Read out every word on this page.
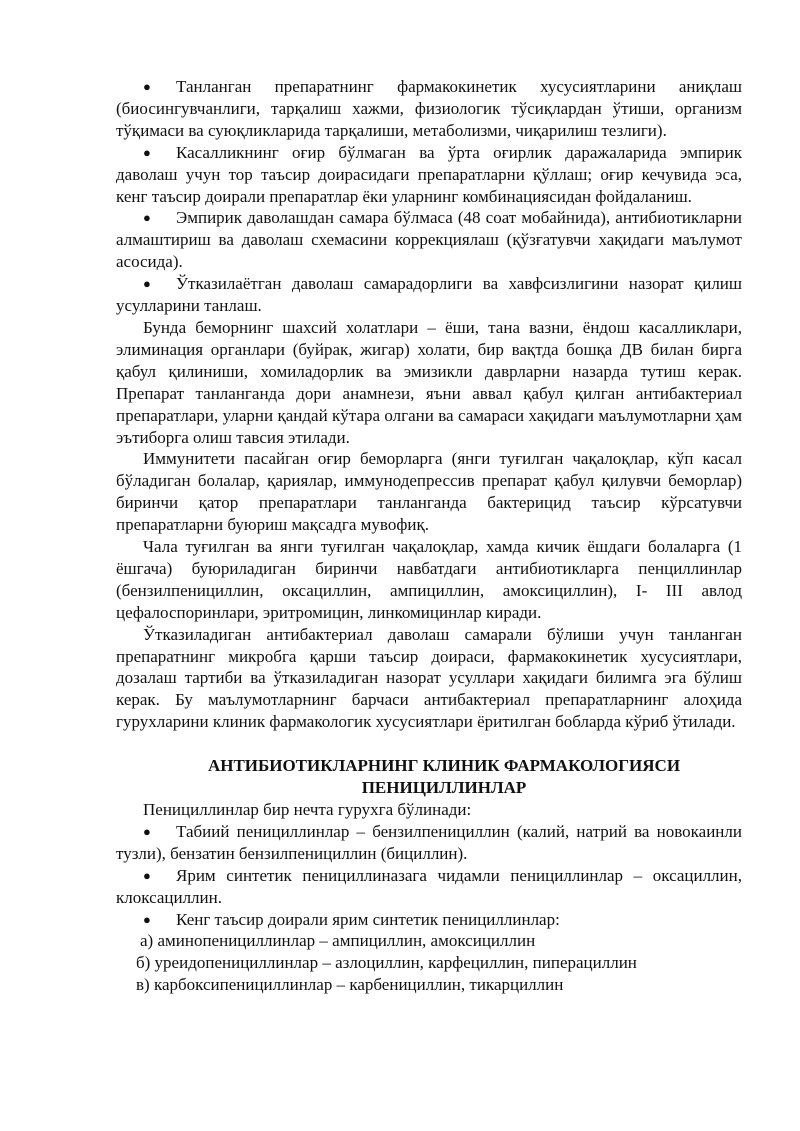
● Танланган препаратнинг фармакокинетик хусусиятларини аниқлаш (биосингувчанлиги, тарқалиш хажми, физиологик тўсиқлардан ўтиши, организм тўқимаси ва суюқликларида тарқалиши, метаболизми, чиқарилиш тезлиги).

● Касалликнинг оғир бўлмаган ва ўрта оғирлик даражаларида эмпирик даволаш учун тор таъсир доирасидаги препаратларни қўллаш; оғир кечувида эса, кенг таъсир доирали препаратлар ёки уларнинг комбинациясидан фойдаланиш.

● Эмпирик даволашдан самара бўлмаса (48 соат мобайнида), антибиотикларни алмаштириш ва даволаш схемасини коррекциялаш (қўзғатувчи хақидаги маълумот асосида).

● Ўтказилаётган даволаш самарадорлиги ва хавфсизлигини назорат қилиш усулларини танлаш.

Бунда беморнинг шахсий холатлари – ёши, тана вазни, ёндош касалликлари, элиминация органлари (буйрак, жигар) холати, бир вақтда бошқа ДВ билан бирга қабул қилиниши, хомиладорлик ва эмизикли даврларни назарда тутиш керак. Препарат танланганда дори анамнези, яъни аввал қабул қилган антибактериал препаратлари, уларни қандай кўтара олгани ва самараси хақидаги маълумотларни ҳам эътиборга олиш тавсия этилади.

Иммунитети пасайган оғир беморларга (янги туғилган чақалоқлар, кўп касал бўладиган болалар, қариялар, иммунодепрессив препарат қабул қилувчи беморлар) биринчи қатор препаратлари танланганда бактерицид таъсир кўрсатувчи препаратларни буюриш мақсадга мувофиқ.

Чала туғилган ва янги туғилган чақалоқлар, хамда кичик ёшдаги болаларга (1 ёшгача) буюриладиган биринчи навбатдаги антибиотикларга пенциллинлар (бензилпенициллин, оксациллин, ампициллин, амоксициллин), I- III авлод цефалоспоринлари, эритромицин, линкомицинлар киради.

Ўтказиладиган антибактериал даволаш самарали бўлиши учун танланган препаратнинг микробга қарши таъсир доираси, фармакокинетик хусусиятлари, дозалаш тартиби ва ўтказиладиган назорат усуллари хақидаги билимга эга бўлиш керак. Бу маълумотларнинг барчаси антибактериал препаратларнинг алоҳида гурухларини клиник фармакологик хусусиятлари ёритилган бобларда кўриб ўтилади.

АНТИБИОТИКЛАРНИНГ КЛИНИК ФАРМАКОЛОГИЯСИ
ПЕНИЦИЛЛИНЛАР

Пенициллинлар бир нечта гурухга бўлинади:

● Табиий пенициллинлар – бензилпенициллин (калий, натрий ва новокаинли тузли), бензатин бензилпенициллин (бициллин).

● Ярим синтетик пенициллиназага чидамли пенициллинлар – оксациллин, клоксациллин.

● Кенг таъсир доирали ярим синтетик пенициллинлар:

а) аминопенициллинлар – ампициллин, амоксициллин

б) уреидопенициллинлар – азлоциллин, карфециллин, пиперациллин

в) карбоксипенициллинлар – карбенициллин, тикарциллин
